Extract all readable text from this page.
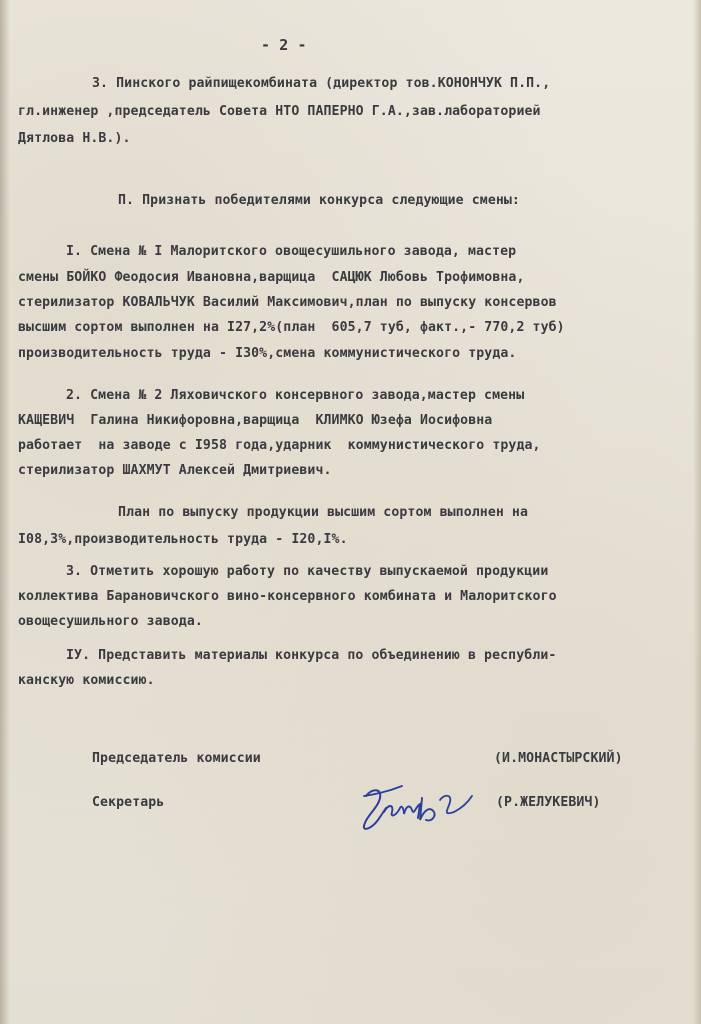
- 2 -
3. Пинского райпищекомбината (директор тов.КОНОНЧУК П.П.,
гл.инженер ,председатель Совета НТО ПАПЕРНО Г.А.,зав.лабораторией
Дятлова Н.В.).
П. Признать победителями конкурса следующие смены:
I. Смена № I Малоритского овощесушильного завода, мастер
смены БОЙКО Феодосия Ивановна,варщица  САЦЮК Любовь Трофимовна,
стерилизатор КОВАЛЬЧУК Василий Максимович,план по выпуску консервов
высшим сортом выполнен на I27,2%(план  605,7 туб, факт.,- 770,2 туб)
производительность труда - I30%,смена коммунистического труда.
2. Смена № 2 Ляховичского консервного завода,мастер смены
КАЩЕВИЧ  Галина Никифоровна,варщица  КЛИМКО Юзефа Иосифовна
работает  на заводе с I958 года,ударник  коммунистического труда,
стерилизатор ШАХМУТ Алексей Дмитриевич.
План по выпуску продукции высшим сортом выполнен на
I08,3%,производительность труда - I20,I%.
3. Отметить хорошую работу по качеству выпускаемой продукции
коллектива Барановичского вино-консервного комбината и Малоритского
овощесушильного завода.
IУ. Представить материалы конкурса по объединению в республи-
канскую комиссию.
Председатель комиссии	(И.МОНАСТЫРСКИЙ)
Секретарь	(Р.ЖЕЛУКЕВИЧ)
